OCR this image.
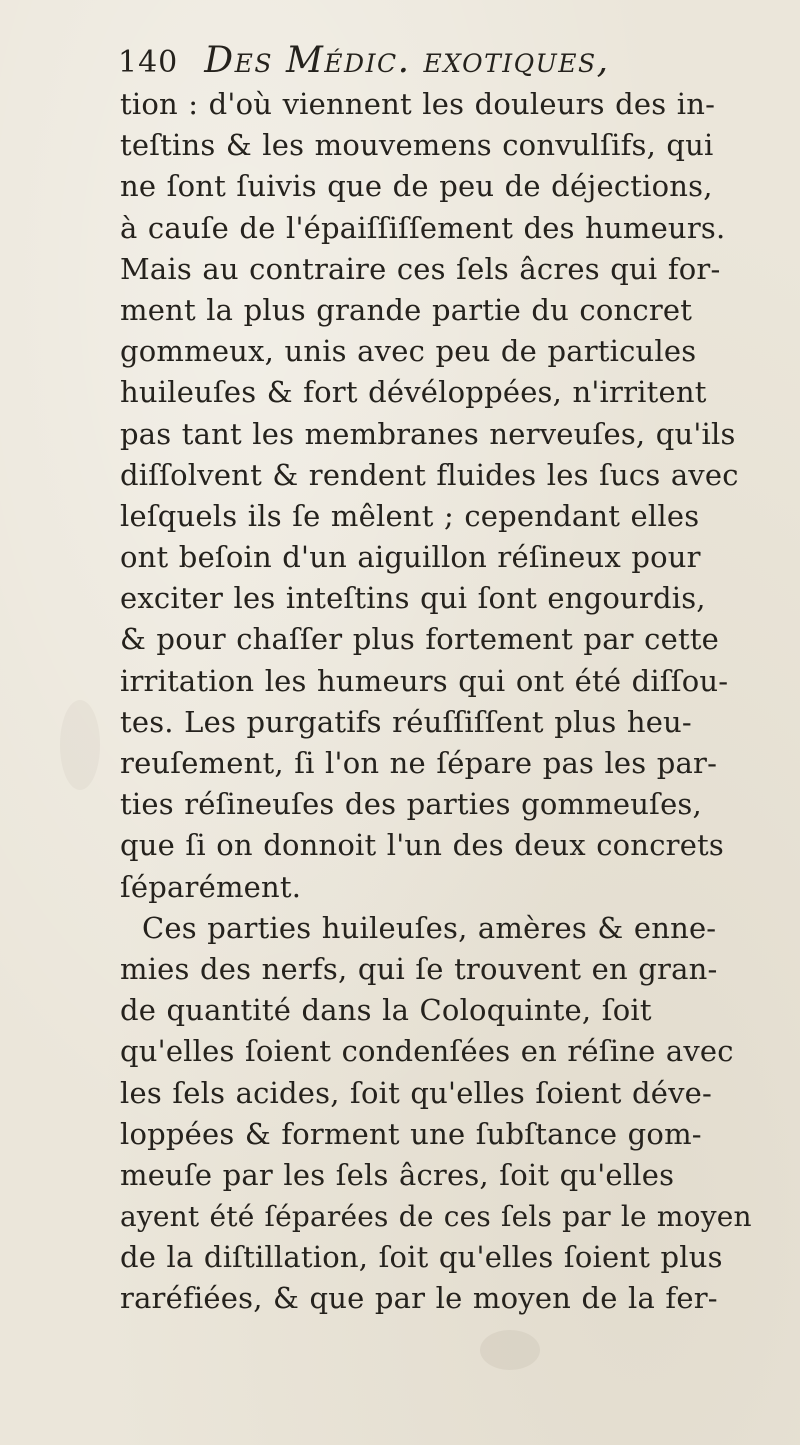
140 Des Médic. exotiques,
tion : d'où viennent les douleurs des in-
teſtins & les mouvemens convulſifs, qui
ne ſont ſuivis que de peu de déjections,
à cauſe de l'épaiſſiſſement des humeurs.
Mais au contraire ces ſels âcres qui for-
ment la plus grande partie du concret
gommeux, unis avec peu de particules
huileuſes & fort dévéloppées, n'irritent
pas tant les membranes nerveuſes, qu'ils
diſſolvent & rendent fluides les ſucs avec
leſquels ils ſe mêlent ; cependant elles
ont beſoin d'un aiguillon réſineux pour
exciter les inteſtins qui ſont engourdis,
& pour chaſſer plus fortement par cette
irritation les humeurs qui ont été diſſou-
tes. Les purgatifs réuſſiſſent plus heu-
reuſement, ſi l'on ne ſépare pas les par-
ties réſineuſes des parties gommeuſes,
que ſi on donnoit l'un des deux concrets
ſéparément.
Ces parties huileuſes, amères & enne-
mies des nerfs, qui ſe trouvent en gran-
de quantité dans la Coloquinte, ſoit
qu'elles ſoient condenſées en réſine avec
les ſels acides, ſoit qu'elles ſoient déve-
loppées & forment une ſubſtance gom-
meuſe par les ſels âcres, ſoit qu'elles
ayent été ſéparées de ces ſels par le moyen
de la diſtillation, ſoit qu'elles ſoient plus
raréfiées, & que par le moyen de la fer-
